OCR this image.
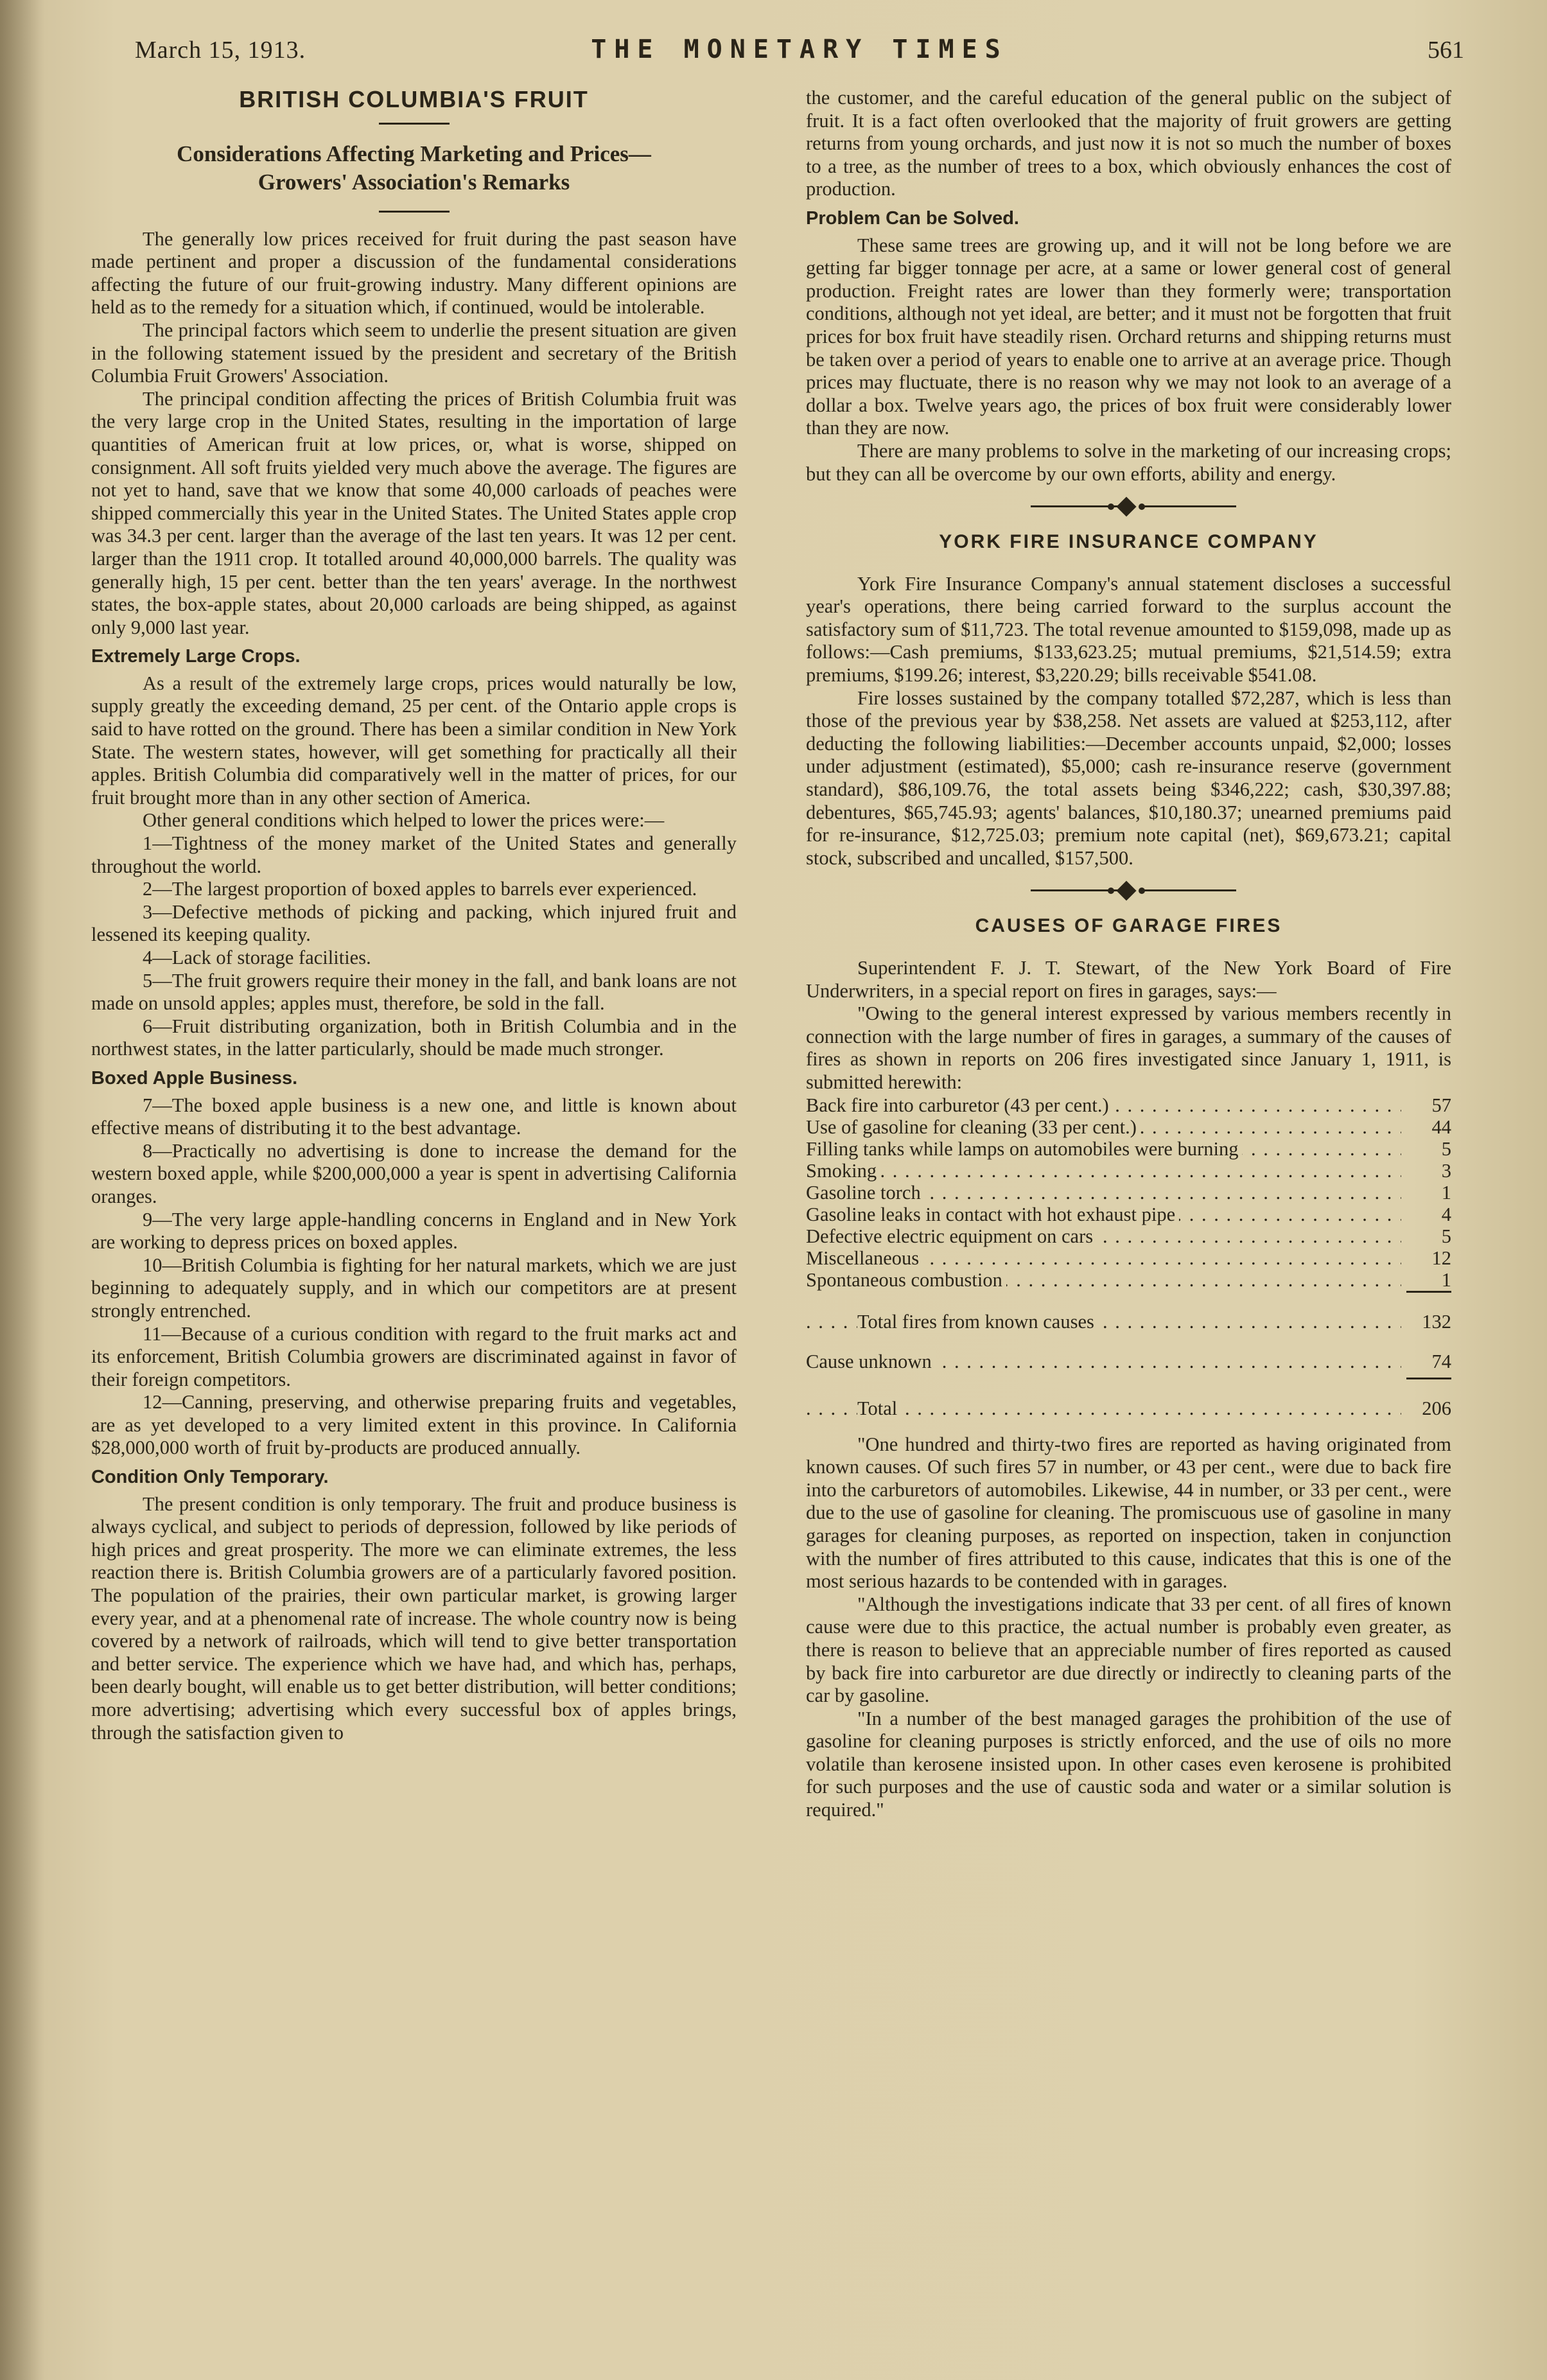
March 15, 1913.	THE MONETARY TIMES	561
BRITISH COLUMBIA'S FRUIT
Considerations Affecting Marketing and Prices—
Growers' Association's Remarks

The generally low prices received for fruit during the past season have made pertinent and proper a discussion of the fundamental considerations affecting the future of our fruit-growing industry. Many different opinions are held as to the remedy for a situation which, if continued, would be intolerable.

The principal factors which seem to underlie the present situation are given in the following statement issued by the president and secretary of the British Columbia Fruit Growers' Association.

The principal condition affecting the prices of British Columbia fruit was the very large crop in the United States, resulting in the importation of large quantities of American fruit at low prices, or, what is worse, shipped on consignment. All soft fruits yielded very much above the average. The figures are not yet to hand, save that we know that some 40,000 carloads of peaches were shipped commercially this year in the United States. The United States apple crop was 34.3 per cent. larger than the average of the last ten years. It was 12 per cent. larger than the 1911 crop. It totalled around 40,000,000 barrels. The quality was generally high, 15 per cent. better than the ten years' average. In the northwest states, the box-apple states, about 20,000 carloads are being shipped, as against only 9,000 last year.

Extremely Large Crops.

As a result of the extremely large crops, prices would naturally be low, supply greatly the exceeding demand, 25 per cent. of the Ontario apple crops is said to have rotted on the ground. There has been a similar condition in New York State. The western states, however, will get something for practically all their apples. British Columbia did comparatively well in the matter of prices, for our fruit brought more than in any other section of America.

Other general conditions which helped to lower the prices were:—

1—Tightness of the money market of the United States and generally throughout the world.

2—The largest proportion of boxed apples to barrels ever experienced.

3—Defective methods of picking and packing, which injured fruit and lessened its keeping quality.

4—Lack of storage facilities.

5—The fruit growers require their money in the fall, and bank loans are not made on unsold apples; apples must, therefore, be sold in the fall.

6—Fruit distributing organization, both in British Columbia and in the northwest states, in the latter particularly, should be made much stronger.

Boxed Apple Business.

7—The boxed apple business is a new one, and little is known about effective means of distributing it to the best advantage.

8—Practically no advertising is done to increase the demand for the western boxed apple, while $200,000,000 a year is spent in advertising California oranges.

9—The very large apple-handling concerns in England and in New York are working to depress prices on boxed apples.

10—British Columbia is fighting for her natural markets, which we are just beginning to adequately supply, and in which our competitors are at present strongly entrenched.

11—Because of a curious condition with regard to the fruit marks act and its enforcement, British Columbia growers are discriminated against in favor of their foreign competitors.

12—Canning, preserving, and otherwise preparing fruits and vegetables, are as yet developed to a very limited extent in this province. In California $28,000,000 worth of fruit by-products are produced annually.

Condition Only Temporary.

The present condition is only temporary. The fruit and produce business is always cyclical, and subject to periods of depression, followed by like periods of high prices and great prosperity. The more we can eliminate extremes, the less reaction there is. British Columbia growers are of a particularly favored position. The population of the prairies, their own particular market, is growing larger every year, and at a phenomenal rate of increase. The whole country now is being covered by a network of railroads, which will tend to give better transportation and better service. The experience which we have had, and which has, perhaps, been dearly bought, will enable us to get better distribution, will better conditions; more advertising; advertising which every successful box of apples brings, through the satisfaction given to

the customer, and the careful education of the general public on the subject of fruit. It is a fact often overlooked that the majority of fruit growers are getting returns from young orchards, and just now it is not so much the number of boxes to a tree, as the number of trees to a box, which obviously enhances the cost of production.

Problem Can be Solved.

These same trees are growing up, and it will not be long before we are getting far bigger tonnage per acre, at a same or lower general cost of general production. Freight rates are lower than they formerly were; transportation conditions, although not yet ideal, are better; and it must not be forgotten that fruit prices for box fruit have steadily risen. Orchard returns and shipping returns must be taken over a period of years to enable one to arrive at an average price. Though prices may fluctuate, there is no reason why we may not look to an average of a dollar a box. Twelve years ago, the prices of box fruit were considerably lower than they are now.

There are many problems to solve in the marketing of our increasing crops; but they can all be overcome by our own efforts, ability and energy.

YORK FIRE INSURANCE COMPANY

York Fire Insurance Company's annual statement discloses a successful year's operations, there being carried forward to the surplus account the satisfactory sum of $11,723. The total revenue amounted to $159,098, made up as follows:—Cash premiums, $133,623.25; mutual premiums, $21,514.59; extra premiums, $199.26; interest, $3,220.29; bills receivable $541.08.

Fire losses sustained by the company totalled $72,287, which is less than those of the previous year by $38,258. Net assets are valued at $253,112, after deducting the following liabilities:—December accounts unpaid, $2,000; losses under adjustment (estimated), $5,000; cash re-insurance reserve (government standard), $86,109.76, the total assets being $346,222; cash, $30,397.88; debentures, $65,745.93; agents' balances, $10,180.37; unearned premiums paid for re-insurance, $12,725.03; premium note capital (net), $69,673.21; capital stock, subscribed and uncalled, $157,500.

CAUSES OF GARAGE FIRES

Superintendent F. J. T. Stewart, of the New York Board of Fire Underwriters, in a special report on fires in garages, says:—

"Owing to the general interest expressed by various members recently in connection with the large number of fires in garages, a summary of the causes of fires as shown in reports on 206 fires investigated since January 1, 1911, is submitted herewith:

Back fire into carburetor (43 per cent.) . . .	57
Use of gasoline for cleaning (33 per cent.) . . .	44
Filling tanks while lamps on automobiles were burning . . .	5
Smoking . . .	3
Gasoline torch . . .	1
Gasoline leaks in contact with hot exhaust pipe . . .	4
Defective electric equipment on cars . . .	5
Miscellaneous . . .	12
Spontaneous combustion . . .	1
Total fires from known causes . . .	132
Cause unknown . . .	74
Total . . .	206

"One hundred and thirty-two fires are reported as having originated from known causes. Of such fires 57 in number, or 43 per cent., were due to back fire into the carburetors of automobiles. Likewise, 44 in number, or 33 per cent., were due to the use of gasoline for cleaning. The promiscuous use of gasoline in many garages for cleaning purposes, as reported on inspection, taken in conjunction with the number of fires attributed to this cause, indicates that this is one of the most serious hazards to be contended with in garages.

"Although the investigations indicate that 33 per cent. of all fires of known cause were due to this practice, the actual number is probably even greater, as there is reason to believe that an appreciable number of fires reported as caused by back fire into carburetor are due directly or indirectly to cleaning parts of the car by gasoline.

"In a number of the best managed garages the prohibition of the use of gasoline for cleaning purposes is strictly enforced, and the use of oils no more volatile than kerosene insisted upon. In other cases even kerosene is prohibited for such purposes and the use of caustic soda and water or a similar solution is required."
